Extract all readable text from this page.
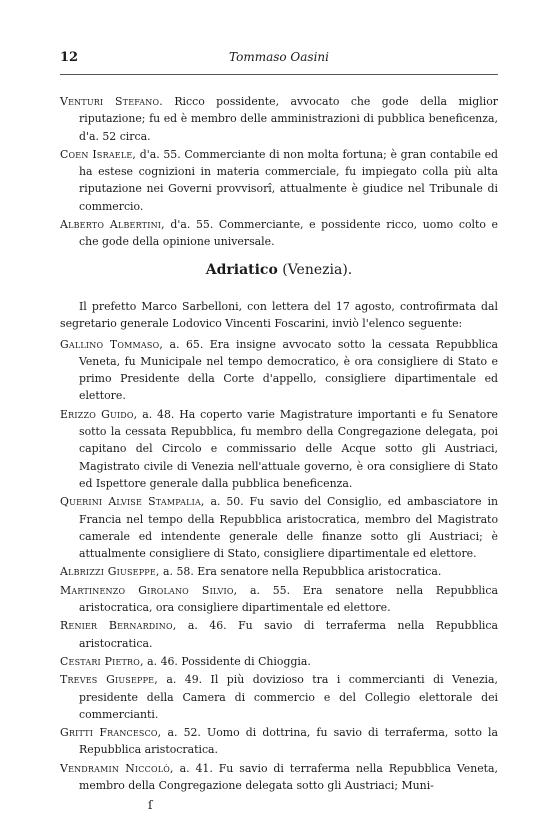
12	Tommaso Oasini

Venturi Stefano. Ricco possidente, avvocato che gode della miglior riputazione; fu ed è membro delle amministrazioni di pubblica beneficenza, d'a. 52 circa.

Coen Israele, d'a. 55. Commerciante di non molta fortuna; è gran contabile ed ha estese cognizioni in materia commerciale, fu impiegato colla più alta riputazione nei Governi provvisorî, attualmente è giudice nel Tribunale di commercio.

Alberto Albertini, d'a. 55. Commerciante, e possidente ricco, uomo colto e che gode della opinione universale.

Adriatico (Venezia).

Il prefetto Marco Sarbelloni, con lettera del 17 agosto, controfirmata dal segretario generale Lodovico Vincenti Foscarini, inviò l'elenco seguente:

Gallino Tommaso, a. 65. Era insigne avvocato sotto la cessata Repubblica Veneta, fu Municipale nel tempo democratico, è ora consigliere di Stato e primo Presidente della Corte d'appello, consigliere dipartimentale ed elettore.

Erizzo Guido, a. 48. Ha coperto varie Magistrature importanti e fu Senatore sotto la cessata Repubblica, fu membro della Congregazione delegata, poi capitano del Circolo e commissario delle Acque sotto gli Austriaci, Magistrato civile di Venezia nell'attuale governo, è ora consigliere di Stato ed Ispettore generale dalla pubblica beneficenza.

Querini Alvise Stampalia, a. 50. Fu savio del Consiglio, ed ambasciatore in Francia nel tempo della Repubblica aristocratica, membro del Magistrato camerale ed intendente generale delle finanze sotto gli Austriaci; è attualmente consigliere di Stato, consigliere dipartimentale ed elettore.

Albrizzi Giuseppe, a. 58. Era senatore nella Repubblica aristocratica.

Martinenzo Girolano Silvio, a. 55. Era senatore nella Repubblica aristocratica, ora consigliere dipartimentale ed elettore.

Renier Bernardino, a. 46. Fu savio di terraferma nella Repubblica aristocratica.

Cestari Pietro, a. 46. Possidente di Chioggia.

Treves Giuseppe, a. 49. Il più dovizioso tra i commercianti di Venezia, presidente della Camera di commercio e del Collegio elettorale dei commercianti.

Gritti Francesco, a. 52. Uomo di dottrina, fu savio di terraferma, sotto la Repubblica aristocratica.

Vendramin Niccolò, a. 41. Fu savio di terraferma nella Repubblica Veneta, membro della Congregazione delegata sotto gli Austriaci; Muni-

ſ
